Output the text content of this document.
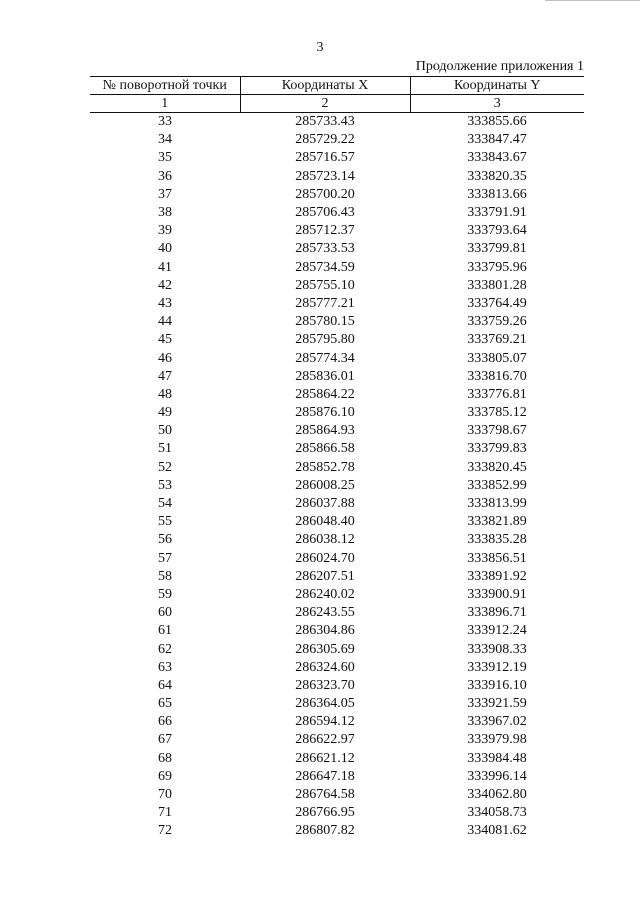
3
Продолжение приложения 1
№ поворотной точки	Координаты X	Координаты Y
1	2	3
33	285733.43	333855.66
34	285729.22	333847.47
35	285716.57	333843.67
36	285723.14	333820.35
37	285700.20	333813.66
38	285706.43	333791.91
39	285712.37	333793.64
40	285733.53	333799.81
41	285734.59	333795.96
42	285755.10	333801.28
43	285777.21	333764.49
44	285780.15	333759.26
45	285795.80	333769.21
46	285774.34	333805.07
47	285836.01	333816.70
48	285864.22	333776.81
49	285876.10	333785.12
50	285864.93	333798.67
51	285866.58	333799.83
52	285852.78	333820.45
53	286008.25	333852.99
54	286037.88	333813.99
55	286048.40	333821.89
56	286038.12	333835.28
57	286024.70	333856.51
58	286207.51	333891.92
59	286240.02	333900.91
60	286243.55	333896.71
61	286304.86	333912.24
62	286305.69	333908.33
63	286324.60	333912.19
64	286323.70	333916.10
65	286364.05	333921.59
66	286594.12	333967.02
67	286622.97	333979.98
68	286621.12	333984.48
69	286647.18	333996.14
70	286764.58	334062.80
71	286766.95	334058.73
72	286807.82	334081.62
